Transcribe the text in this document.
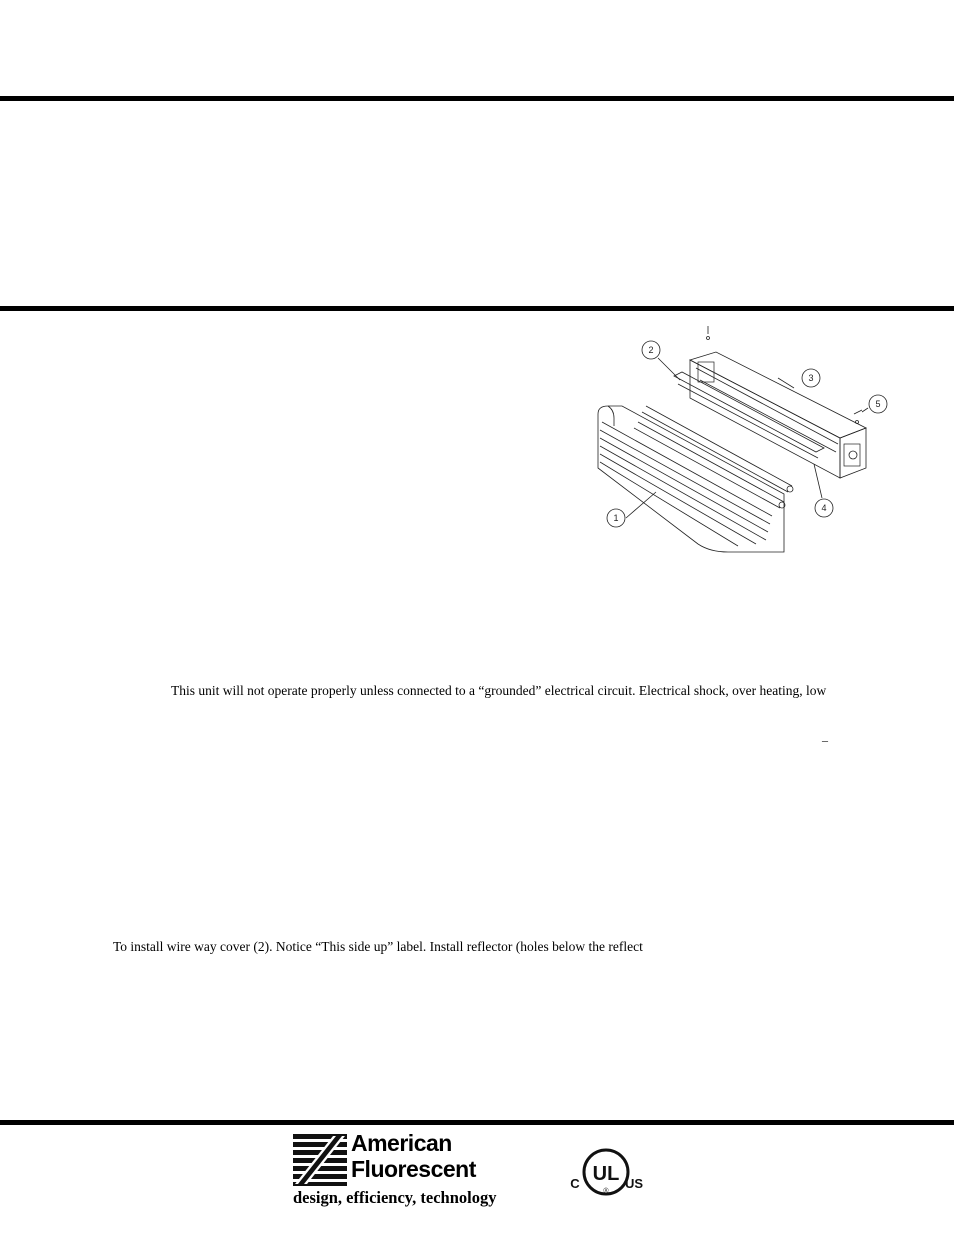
1
2
3
4
5
This unit will not operate properly unless connected to a “grounded” electrical circuit. Electrical shock, over heating, low
–
To install wire way cover (2). Notice “This side up” label. Install reflector (holes below the reflect
American
Fluorescent
design, efficiency, technology
UL
®
C	US
